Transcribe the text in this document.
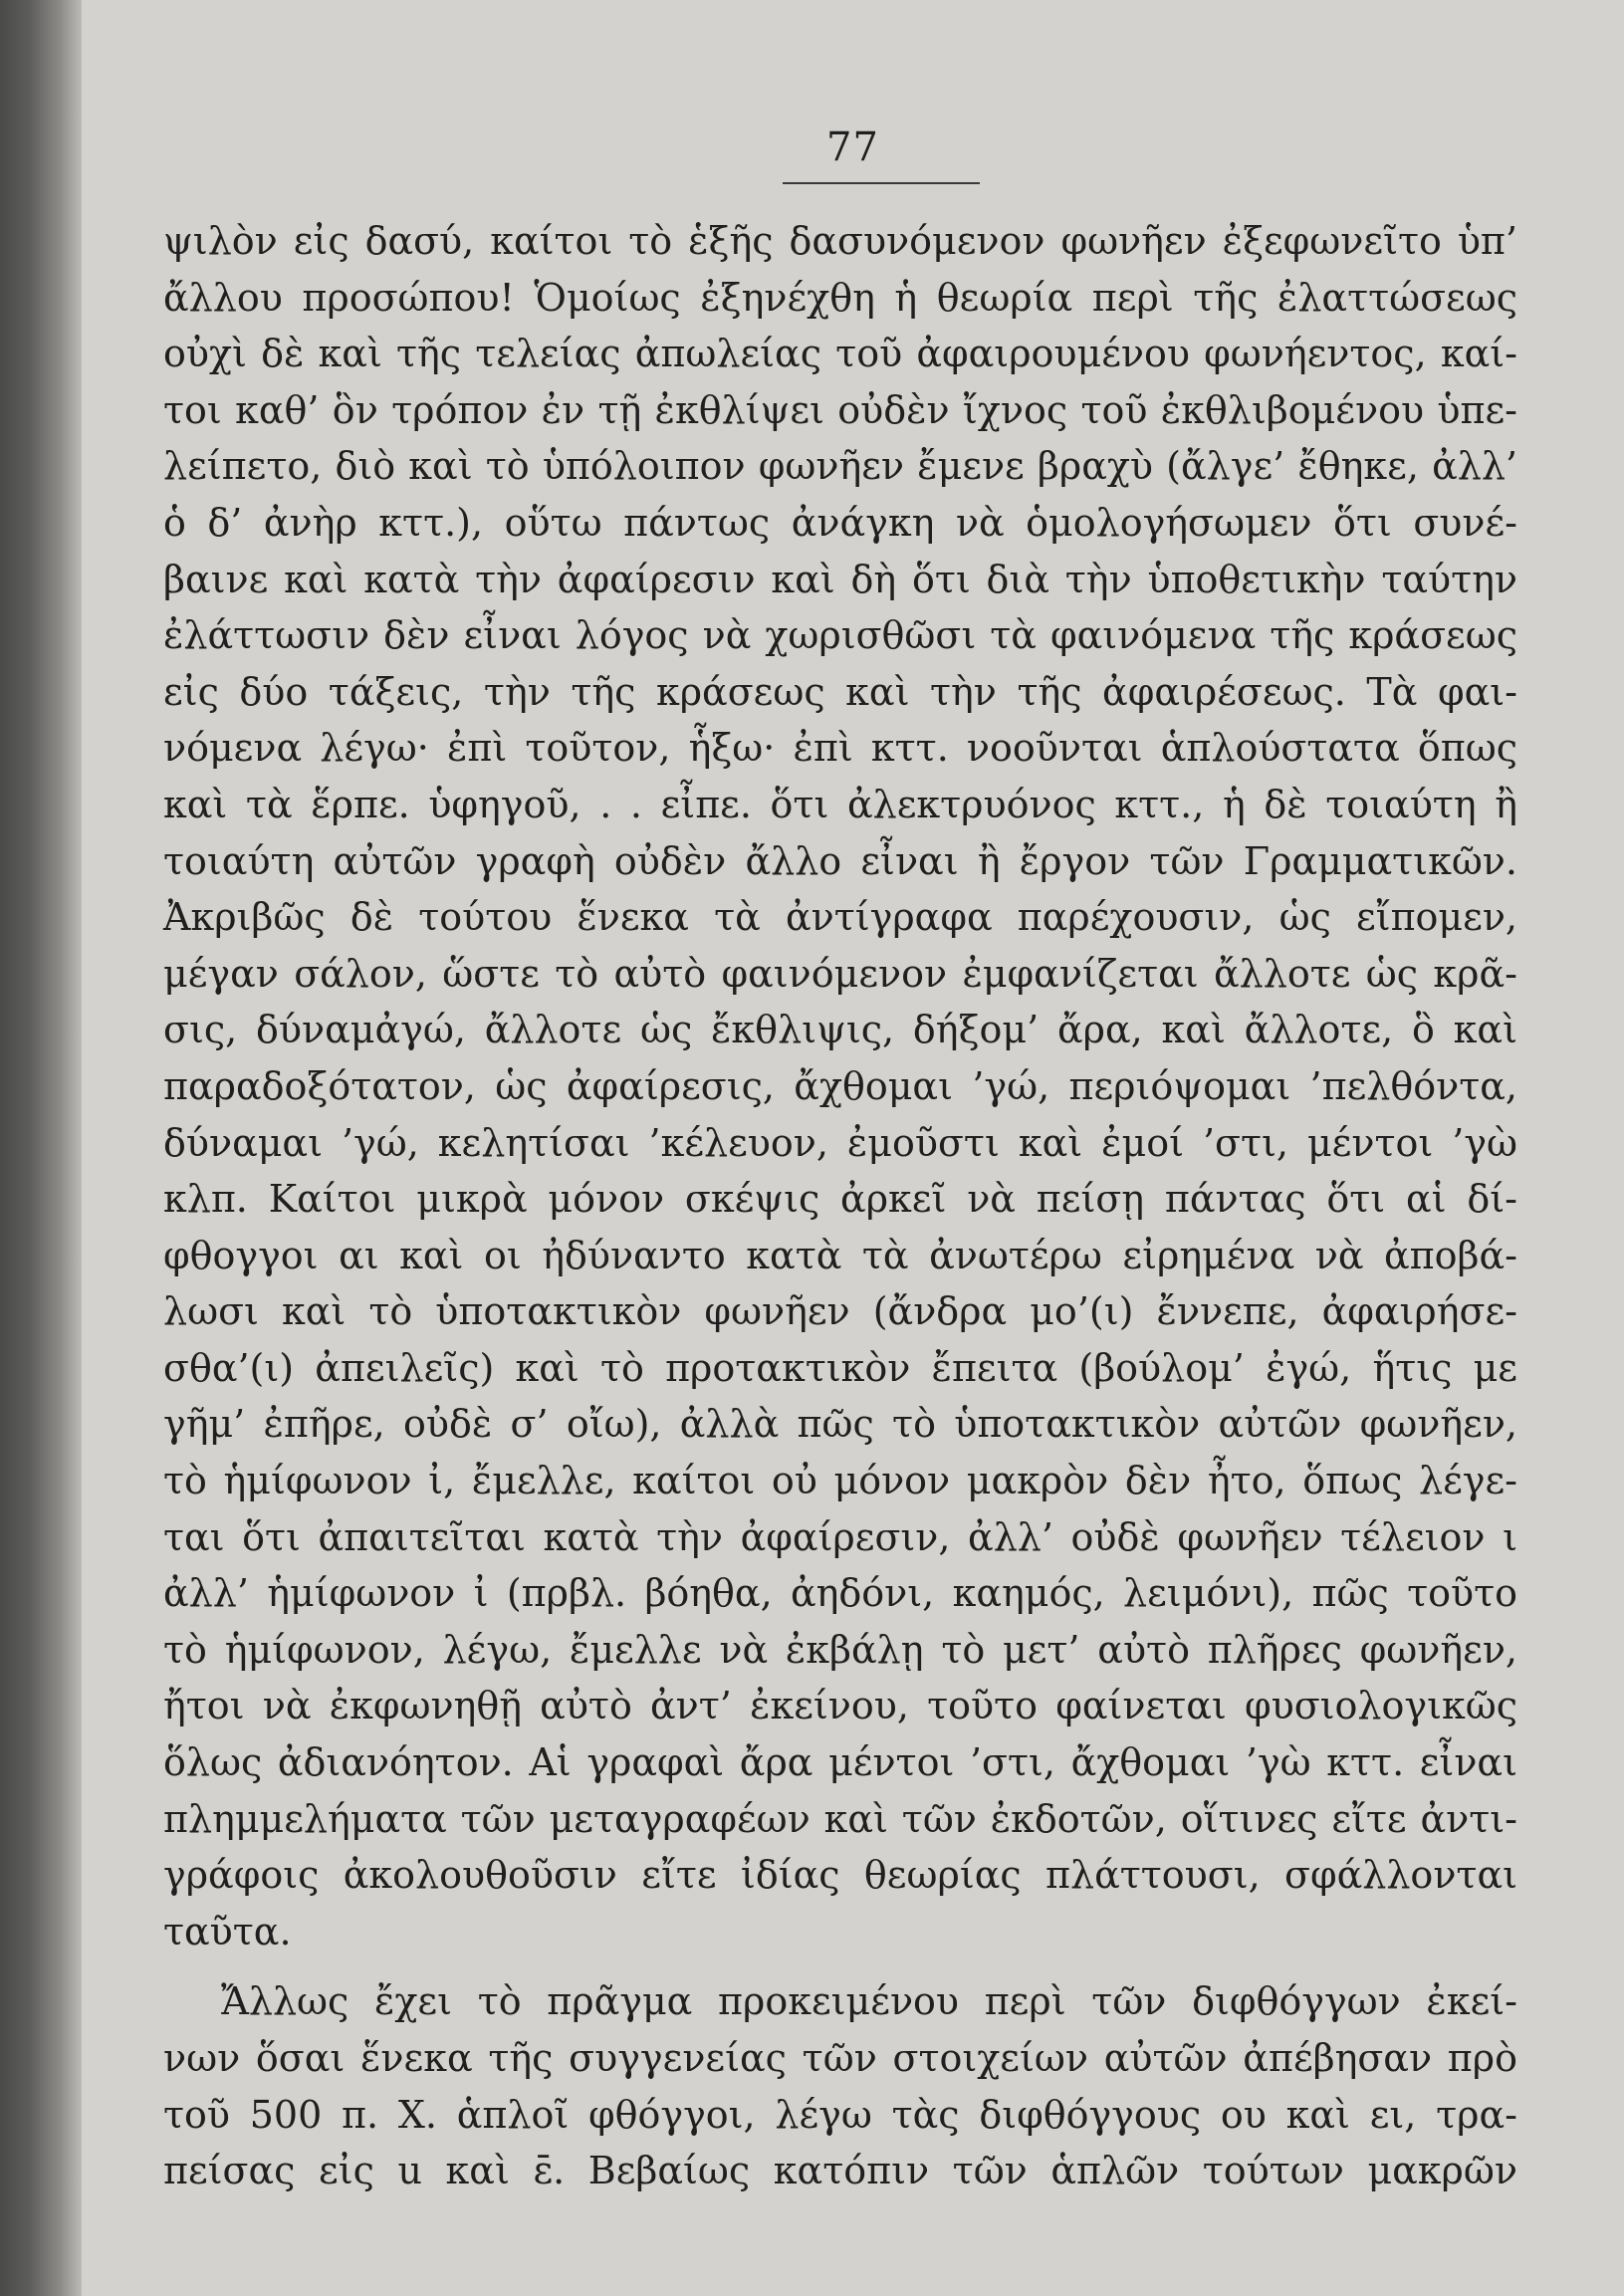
77
ψιλὸν εἰς δασύ, καίτοι τὸ ἑξῆς δασυνόμενον φωνῆεν ἐξεφωνεῖτο ὑπ’
ἄλλου προσώπου! Ὁμοίως ἐξηνέχθη ἡ θεωρία περὶ τῆς ἐλαττώσεως
οὐχὶ δὲ καὶ τῆς τελείας ἀπωλείας τοῦ ἀφαιρουμένου φωνήεντος, καί-
τοι καθ’ ὃν τρόπον ἐν τῇ ἐκθλίψει οὐδὲν ἴχνος τοῦ ἐκθλιβομένου ὑπε-
λείπετο, διὸ καὶ τὸ ὑπόλοιπον φωνῆεν ἔμενε βραχὺ (ἄλγε’ ἔθηκε, ἀλλ’
ὁ δ’ ἀνὴρ κττ.), οὕτω πάντως ἀνάγκη νὰ ὁμολογήσωμεν ὅτι συνέ-
βαινε καὶ κατὰ τὴν ἀφαίρεσιν καὶ δὴ ὅτι διὰ τὴν ὑποθετικὴν ταύτην
ἐλάττωσιν δὲν εἶναι λόγος νὰ χωρισθῶσι τὰ φαινόμενα τῆς κράσεως
εἰς δύο τάξεις, τὴν τῆς κράσεως καὶ τὴν τῆς ἀφαιρέσεως. Τὰ φαι-
νόμενα λέγω· ἐπὶ τοῦτον, ἧξω· ἐπὶ κττ. νοοῦνται ἁπλούστατα ὅπως
καὶ τὰ ἕρπε. ὑφηγοῦ, . . εἶπε. ὅτι ἀλεκτρυόνος κττ., ἡ δὲ τοιαύτη ἢ
τοιαύτη αὐτῶν γραφὴ οὐδὲν ἄλλο εἶναι ἢ ἔργον τῶν Γραμματικῶν.
Ἀκριβῶς δὲ τούτου ἕνεκα τὰ ἀντίγραφα παρέχουσιν, ὡς εἴπομεν,
μέγαν σάλον, ὥστε τὸ αὐτὸ φαινόμενον ἐμφανίζεται ἄλλοτε ὡς κρᾶ-
σις, δύναμἀγώ, ἄλλοτε ὡς ἔκθλιψις, δήξομ’ ἄρα, καὶ ἄλλοτε, ὃ καὶ
παραδοξότατον, ὡς ἀφαίρεσις, ἄχθομαι ’γώ, περιόψομαι ’πελθόντα,
δύναμαι ’γώ, κελητίσαι ’κέλευον, ἐμοῦστι καὶ ἐμοί ’στι, μέντοι ’γὼ
κλπ. Καίτοι μικρὰ μόνον σκέψις ἀρκεῖ νὰ πείσῃ πάντας ὅτι αἱ δί-
φθογγοι αι καὶ οι ἠδύναντο κατὰ τὰ ἀνωτέρω εἰρημένα νὰ ἀποβά-
λωσι καὶ τὸ ὑποτακτικὸν φωνῆεν (ἄνδρα μο’(ι) ἔννεπε, ἀφαιρήσε-
σθα’(ι) ἀπειλεῖς) καὶ τὸ προτακτικὸν ἔπειτα (βούλομ’ ἐγώ, ἥτις με
γῆμ’ ἐπῆρε, οὐδὲ σ’ οἴω), ἀλλὰ πῶς τὸ ὑποτακτικὸν αὐτῶν φωνῆεν,
τὸ ἡμίφωνον ἰ, ἔμελλε, καίτοι οὐ μόνον μακρὸν δὲν ἦτο, ὅπως λέγε-
ται ὅτι ἀπαιτεῖται κατὰ τὴν ἀφαίρεσιν, ἀλλ’ οὐδὲ φωνῆεν τέλειον ι
ἀλλ’ ἡμίφωνον ἰ (πρβλ. βόηθα, ἀηδόνι, καημός, λειμόνι), πῶς τοῦτο
τὸ ἡμίφωνον, λέγω, ἔμελλε νὰ ἐκβάλῃ τὸ μετ’ αὐτὸ πλῆρες φωνῆεν,
ἤτοι νὰ ἐκφωνηθῇ αὐτὸ ἀντ’ ἐκείνου, τοῦτο φαίνεται φυσιολογικῶς
ὅλως ἀδιανόητον. Αἱ γραφαὶ ἄρα μέντοι ’στι, ἄχθομαι ’γὼ κττ. εἶναι
πλημμελήματα τῶν μεταγραφέων καὶ τῶν ἐκδοτῶν, οἵτινες εἴτε ἀντι-
γράφοις ἀκολουθοῦσιν εἴτε ἰδίας θεωρίας πλάττουσι, σφάλλονται
ταῦτα.
Ἄλλως ἔχει τὸ πρᾶγμα προκειμένου περὶ τῶν διφθόγγων ἐκεί-
νων ὅσαι ἕνεκα τῆς συγγενείας τῶν στοιχείων αὐτῶν ἀπέβησαν πρὸ
τοῦ 500 π. Χ. ἁπλοῖ φθόγγοι, λέγω τὰς διφθόγγους ου καὶ ει, τρα-
πείσας εἰς u καὶ ε̄. Βεβαίως κατόπιν τῶν ἁπλῶν τούτων μακρῶν
